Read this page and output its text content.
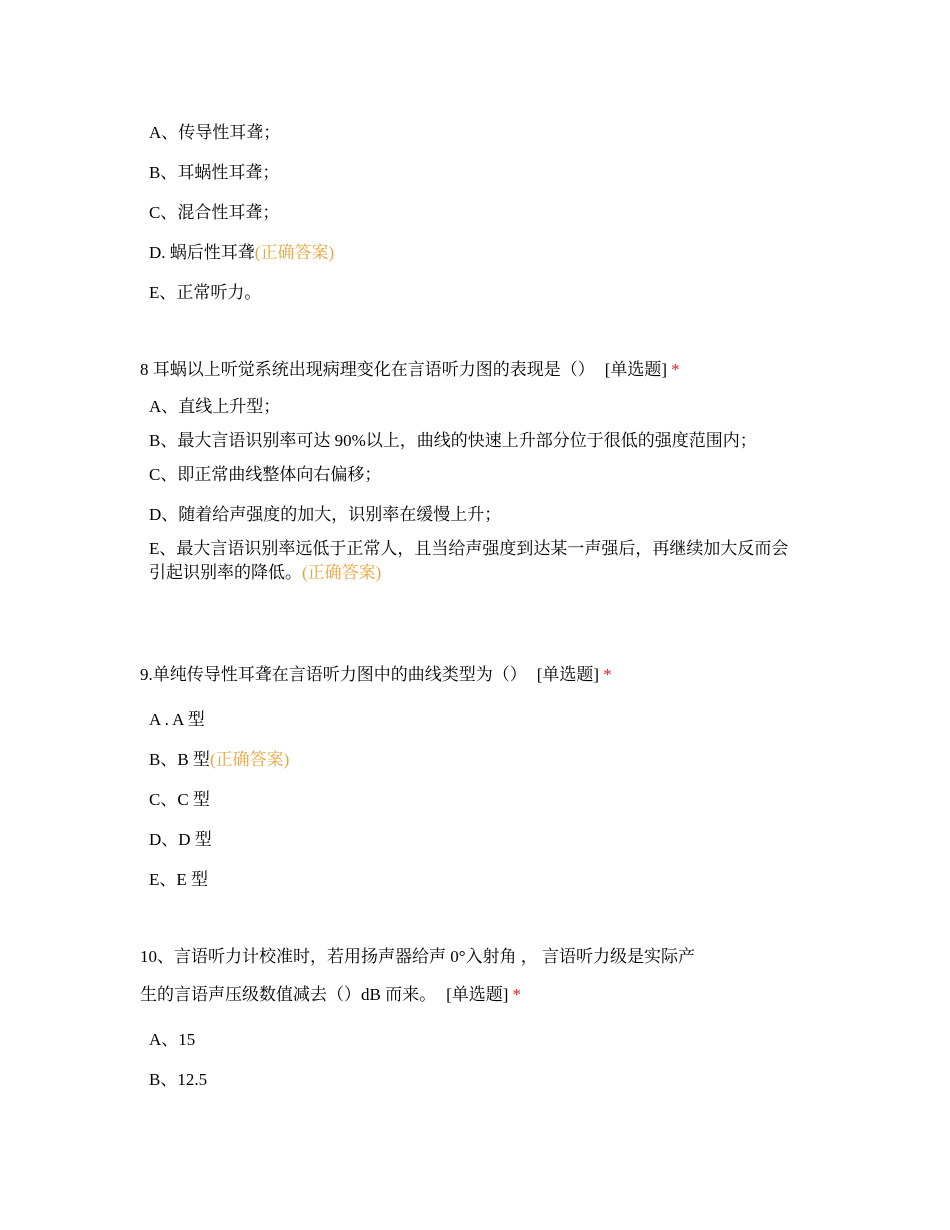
A、传导性耳聋；
B、耳蜗性耳聋；
C、混合性耳聋；
D. 蜗后性耳聋(正确答案)
E、正常听力。

8 耳蜗以上听觉系统出现病理变化在言语听力图的表现是（） [单选题] *

A、直线上升型；
B、最大言语识别率可达 90%以上，曲线的快速上升部分位于很低的强度范围内；
C、即正常曲线整体向右偏移；
D、随着给声强度的加大，识别率在缓慢上升；
E、最大言语识别率远低于正常人，且当给声强度到达某一声强后，再继续加大反而会引起识别率的降低。(正确答案)

9.单纯传导性耳聋在言语听力图中的曲线类型为（） [单选题] *

A . A 型
B、B 型(正确答案)
C、C 型
D、D 型
E、E 型

10、言语听力计校准时，若用扬声器给声 0°入射角 ， 言语听力级是实际产

生的言语声压级数值减去（）dB 而来。 [单选题] *

A、15
B、12.5
